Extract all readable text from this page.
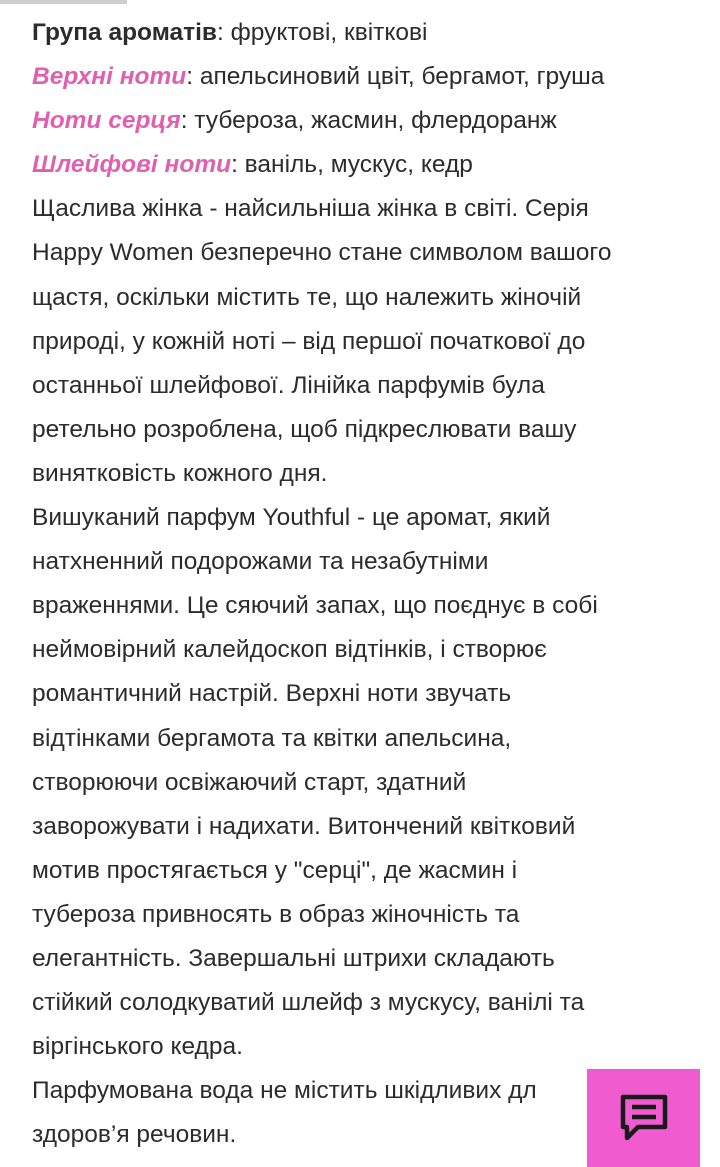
Група ароматів: фруктові, квіткові
Верхні ноти: апельсиновий цвіт, бергамот, груша
Ноти серця: тубероза, жасмин, флердоранж
Шлейфові ноти: ваніль, мускус, кедр
Щаслива жінка - найсильніша жінка в світі. Серія
Happy Women безперечно стане символом вашого
щастя, оскільки містить те, що належить жіночій
природі, у кожній ноті – від першої початкової до
останньої шлейфової. Лінійка парфумів була
ретельно розроблена, щоб підкреслювати вашу
винятковість кожного дня.
Вишуканий парфум Youthful - це аромат, який
натхненний подорожами та незабутніми
враженнями. Це сяючий запах, що поєднує в собі
неймовірний калейдоскоп відтінків, і створює
романтичний настрій. Верхні ноти звучать
відтінками бергамота та квітки апельсина,
створюючи освіжаючий старт, здатний
заворожувати і надихати. Витончений квітковий
мотив простягається у "серці", де жасмин і
тубероза привносять в образ жіночність та
елегантність. Завершальні штрихи складають
стійкий солодкуватий шлейф з мускусу, ванілі та
віргінського кедра.
Парфумована вода не містить шкідливих дл
здоров’я речовин.
